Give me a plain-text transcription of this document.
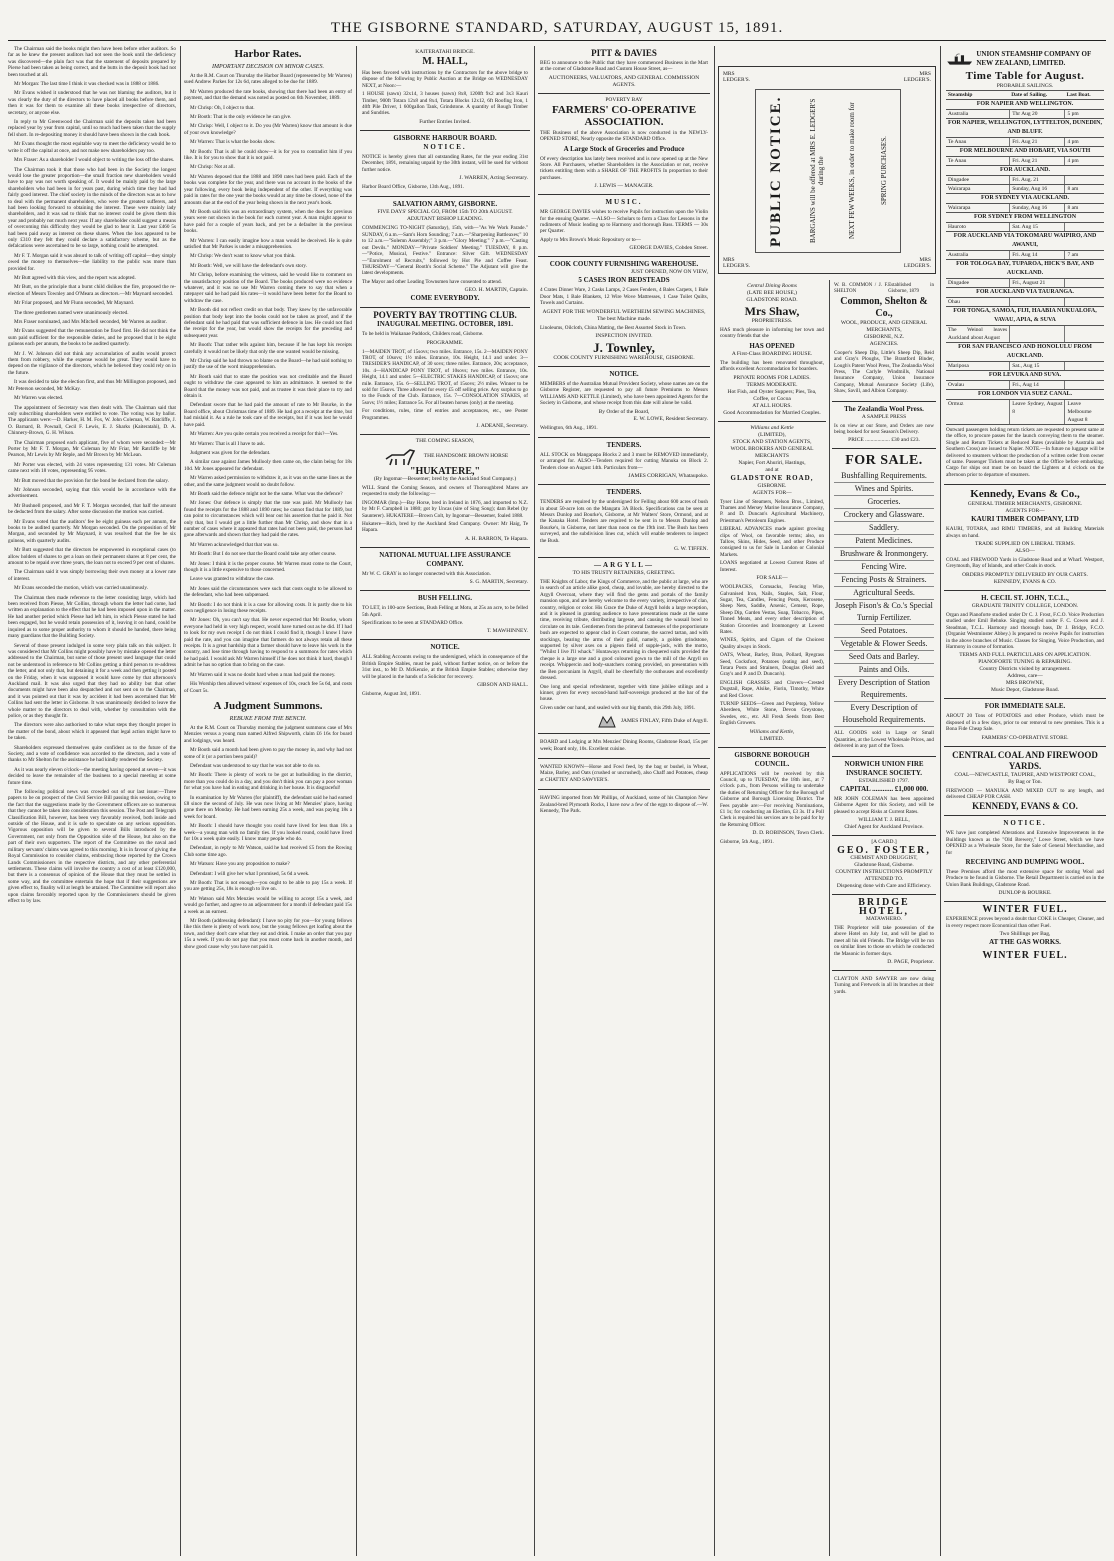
THE GISBORNE STANDARD, SATURDAY, AUGUST 15, 1891.

The Chairman said the books might then have been before other auditors. So far as he knew the present auditors had not seen the book until the deficiency was discovered—the plain fact was that the statement of deposits prepared by Pierse had been taken as being correct, and the butts in the deposit book had not been touched at all.

Mr Morgan: The last time I think it was checked was in 1888 or 1886.

Mr Evans wished it understood that he was not blaming the auditors, but it was clearly the duty of the directors to have placed all books before them, and then it was for them to examine all these books irrespective of directors, secretary, or anyone else.

In reply to Mr Greenwood the Chairman said the deposits taken had been replaced year by year from capital, until so much had been taken that the supply fell short. In re-depositing money it should have been shown in the cash book.

Mr Evans thought the most equitable way to meet the deficiency would be to write it off the capital at once, and not make new shareholders pay too.

Mrs Fraser: As a shareholder I would object to writing the loss off the shares.

The Chairman took it that those who had been in the Society the longest would lose the greater proportion—the small fraction new shareholders would have to pay was not worth speaking of. It would be mainly paid by the large shareholders who had been in for years past, during which time they had had fairly good interest. The chief society in the minds of the directors was as to how to deal with the permanent shareholders, who were the greatest sufferers, and had been looking forward to obtaining the interest. These were mainly lady shareholders, and it was sad to think that no interest could be given them this year and probably not much next year. If any shareholder could suggest a means of overcoming this difficulty they would be glad to hear it. Last year £460 5s had been paid away as interest on these shares. When the loss appeared to be only £310 they felt they could declare a satisfactory scheme, but as the defalcations were ascertained to be so large, nothing could be attempted.

Mr F. T. Morgan said it was absurd to talk of writing off capital—they simply owed the money to themselves—the liability to the public was more than provided for.

Mr Butt agreed with this view, and the report was adopted.

Mr Butt, on the principle that a burnt child dislikes the fire, proposed the re-election of Messrs Townley and O'Meara as directors.—Mr Maynard seconded.

Mr Friar proposed, and Mr Flunn seconded, Mr Maynard.

The three gentlemen named were unanimously elected.

Mrs Fraser nominated, and Mrs Mitchell seconded, Mr Warren as auditor.

Mr Evans suggested that the remuneration be fixed first. He did not think the sum paid sufficient for the responsible duties, and he proposed that it be eight guineas each per annum, the books to be audited quarterly.

Mr J. W. Johnson did not think any accumulation of audits would protect them from robbery, while the expense would be great. They would have to depend on the vigilance of the directors, which he believed they could rely on in the future.

It was decided to take the election first, and thus Mr Millington proposed, and Mr Peterson seconded, Mr McKay.

Mr Warren was elected.

The appointment of Secretary was then dealt with. The Chairman said that only subscribing shareholders were entitled to vote. The voting was by ballot. The applicants were:—D. Harker, H. M. Fox, W. John Coleman, W. Ratcliffe, J. O. Barnard, B. Pownall, Cecil F. Lewis, E. J. Sharks (Kaiteratahi), D. A. Chinnery-Brown, G. H. Wilson.

The Chairman proposed each applicant, five of whom were seconded:—Mr Porter by Mr F. T. Morgan, Mr Coleman by Mr Friar, Mr Ratcliffe by Mr Pearson, Mr Lewis by Mr Reple, and Mr Brown by Mr McLean.

Mr Porter was elected, with 24 votes representing 131 votes. Mr Coleman came next with 18 votes, representing 95 votes.

Mr Butt moved that the provision for the bond be declared from the salary.

Mr Johnson seconded, saying that this would be in accordance with the advertisement.

Mr Bushnell proposed, and Mr F. T. Morgan seconded, that half the amount be deducted from the salary. After some discussion the motion was carried.

Mr Evans voted that the auditors' fee be eight guineas each per annum, the books to be audited quarterly. Mr Morgan seconded. On the proposition of Mr Morgan, and seconded by Mr Maynard, it was resolved that the fee be six guineas, with quarterly audits.

Mr Butt suggested that the directors be empowered in exceptional cases (to allow holders of shares to get a loan on their permanent shares at 8 per cent, the amount to be repaid over three years, the loan not to exceed 9 per cent of shares.

The Chairman said it was simply borrowing their own money at a lower rate of interest.

Mr Evans seconded the motion, which was carried unanimously.

The Chairman then made reference to the letter consisting large, which had been received from Piesse, Mr Collins, through whom the letter had come, had written an explanation to the effect that he had been imposed upon in the matter. He had another period which Piesse had left him, in which Piesse stated he had been engaged, but he would retain possession of it, leaving it on hand, could be inquired as to some proper authority to whom it should be handed, there being many guardians that the Building Society.

Several of those present indulged in some very plain talk on this subject. It was considered that Mr Collins might possibly have by mistake opened the letter addressed to the Chairman, but some of those present used language that could not be understood in reference to Mr Collins getting a third person to re-address the letter, and not only that, but detaining it for a week and then getting it posted on the Friday, when it was supposed it would have come by that afternoon's Auckland mail. It was also urged that they had no ability but that other documents might have been also despatched and not sent on to the Chairman, and it was pointed out that it was by accident it had been ascertained that Mr Collins had sent the letter in Gisborne. It was unanimously decided to leave the whole matter to the directors to deal with, whether by consultation with the police, or as they thought fit.

The directors were also authorised to take what steps they thought proper in the matter of the bond, about which it appeared that legal action might have to be taken.

Shareholders expressed themselves quite confident as to the future of the Society, and a vote of confidence was accorded to the directors, and a vote of thanks to Mr Shelton for the assistance he had kindly rendered the Society.

As it was nearly eleven o'clock—the meeting having opened at seven—it was decided to leave the remainder of the business to a special meeting at some future time.

The following political news was crowded out of our last issue:—Three papers to be on prospect of the Civil Service Bill passing this session, owing to the fact that the suggestions made by the Government officers are so numerous that they cannot be taken into consideration this session. The Post and Telegraph Classification Bill, however, has been very favorably received, both inside and outside of the House, and it is safe to speculate on any serious opposition. Vigorous opposition will be given to several Bills introduced by the Government, not only from the Opposition side of the House, but also on the part of their own supporters. The report of the Committee on the naval and military servants' claims was agreed to this morning. It is in favour of giving the Royal Commission to consider claims, embracing those reported by the Crown Lands Commissioners in the respective districts, and any other preferential settlements. These claims will involve the country a cost of at least £120,000, but there is a consensus of opinion of the House that they must be settled in some way, and the committee entertain the hope that if their suggestions are given effect to, finality will at length be attained. The Committee will report also upon claims favorably reported upon by the Commissioners should be given effect to by law.

Harbor Rates.
IMPORTANT DECISION ON MINOR CASES.

At the R.M. Court on Thursday the Harbor Board (represented by Mr Warren) sued Andrew Parkes for 12s 6d, rates alleged to be due for 1889.

Mr Warren produced the rate books, showing that there had been an entry of payment, and that the demand was noted as posted on 6th November, 1889.

Mr Chrisp: Oh, I object to that.

Mr Booth: That is the only evidence he can give.

Mr Chrisp: Well, I object to it. Do you (Mr Warren) know that amount is due of your own knowledge?

Mr Warren: That is what the books show.

Mr Booth: That is all he could show—it is for you to contradict him if you like. It is for you to show that it is not paid.

Mr Chrisp: Not at all.

Mr Warren deposed that the 1888 and 1890 rates had been paid. Each of the books was complete for the year, and there was no account in the books of the year following, every book being independent of the other. If everything was paid in rates for the one year the books would at any time be closed, none of the amounts due at the end of the year being shown in the next year's book.

Mr Booth said this was an extraordinary system, when the dues for previous years were not shown in the book for each current year. A man might appear to have paid for a couple of years back, and yet be a defaulter in the previous books.

Mr Warren: I can easily imagine how a man would be deceived. He is quite satisfied that Mr Parkes is under a misapprehension.

Mr Chrisp: We don't want to know what you think.

Mr Booth: Well, we will have the defendant's own story.

Mr Chrisp, before examining the witness, said he would like to comment on the unsatisfactory position of the Board. The books produced were no evidence whatever, and it was no use Mr Warren coming there to say that when a ratepayer said he had paid his rates—it would have been better for the Board to withdraw the case.

Mr Booth did not reflect credit on that body. They knew by the unfavorable position that body kept into the books could not be taken as proof, and if the defendant said he had paid that was sufficient defence in law. He could not find the receipt for the year, but would show the receipts for the preceding and subsequent year.

Mr Booth: That rather tells against him, because if he has kept his receipts carefully it would not be likely that only the one wanted would be missing.

Mr Chrisp said he had thrown no blame on the Board—he had said nothing to justify the use of the word misapprehension.

Mr Booth said that to state the position was not creditable and the Board ought to withdraw the case appeared to him an admittance. It seemed to the Board that the money was not paid, and as trustee it was their place to try and obtain it.

Defendant swore that he had paid the amount of rate to Mr Bourke, in the Board office, about Christmas time of 1889. He had got a receipt at the time, but had mislaid it. As a rule he took care of the receipts, but if it was lost he would have paid.

Mr Warren: Are you quite certain you received a receipt for this?—Yes.

Mr Warren: That is all I have to ask.

Judgment was given for the defendant.

A similar case against James Mullooly then came on, the claim being for 18s 10d. Mr Jones appeared for defendant.

Mr Warren asked permission to withdraw it, as it was on the same lines as the other, and the same judgment would no doubt follow.

Mr Booth said the defence might not be the same. What was the defence?

Mr Jones: Our defence is simply that the rate was paid. Mr Mullooly has found the receipts for the 1888 and 1890 rates; he cannot find that for 1889, but can point to circumstances which will bear out his assertion that he paid it. Not only that, but I would get a little further than Mr Chrisp, and show that in a number of cases where it appeared that rates had not been paid, the persons had gone afterwards and shown that they had paid the rates.

Mr Warren acknowledged that that was so.

Mr Booth: But I do not see that the Board could take any other course.

Mr Jones: I think it is the proper course. Mr Warren must come to the Court, though it is a little expensive to those concerned.

Leave was granted to withdraw the case.

Mr Jones said the circumstances were such that costs ought to be allowed to the defendant, who had been subpœnaed.

Mr Booth: I do not think it is a case for allowing costs. It is partly due to his own negligence in losing these receipts.

Mr Jones: Oh, you can't say that. He never expected that Mr Bourke, whom everyone had held in very high respect, would have turned out as he did. If I had to look for my own receipt I do not think I could find it, though I know I have paid the rate, and you can imagine that farmers do not always retain all these receipts. It is a great hardship that a farmer should have to leave his work in the country, and lose time through having to respond to a summons for rates which he had paid. I would ask Mr Warren himself if he does not think it hard, though I admit he has no option than to bring on the case.

Mr Warren said it was no doubt hard when a man had paid the money.

His Worship then allowed witness' expenses of 10s, ceach fee 5s 6d, and costs of Court 5s.

A Judgment Summons.
REBUKE FROM THE BENCH.

At the R.M. Court on Thursday morning the judgment summons case of Mrs Menzies versus a young man named Alfred Shipworth, claim £6 16s for board and lodgings, was heard.

Mr Booth said a month had been given to pay the money in, and why had not some of it (or a portion been paid)?

Defendant was understood to say that he was not able to do so.

Mr Booth: There is plenty of work to be got at hutbuilding in the district, more than you could do in a day, and you don't think you can pay a poor woman for what you have had in eating and drinking in her house. It is disgraceful!

In examination by Mr Warren (for plaintiff), the defendant said he had earned £8 since the second of July. He was now living at Mr Menzies' place, having gone there on Monday. He had been earning 25s a week, and was paying 18s a week for board.

Mr Booth: I should have thought you could have lived for less than 18s a week—a young man with no family ties. If you looked round, could have lived for 10s a week quite easily. I know many people who do.

Defendant, in reply to Mr Watson, said he had received £5 from the Rowing Club some time ago.

Mr Watson: Have you any proposition to make?

Defendant: I will give her what I promised, 5s 6d a week.

Mr Booth: That is not enough—you ought to be able to pay 15s a week. If you are getting 25s, 18s is enough to live on.

Mr Watson said Mrs Menzies would be willing to accept 15s a week, and would go further, and agree to an adjournment for a month if defendant paid 15s a week as an earnest.

Mr Booth (addressing defendant): I have no pity for you—for young fellows like this there is plenty of work now, but the young fellows get loafing about the town, and they don't care what they eat and drink. I make an order that you pay 15s a week. If you do not pay that you must come back in another month, and show good cause why you have not paid it.

KAITERATAHI BRIDGE.
M. HALL,
Has been favored with instructions by the Contractors for the above bridge to dispose of the following by Public Auction at the Bridge on WEDNESDAY NEXT, at Noon:—
1 HOUSE (sawn) 32x14, 3 houses (sawn) 8x8, 1200ft 9x2 and 3x3 Kauri Timber, 900ft Totara 12x8 and 8x4, Totara Blocks 12x12, 6ft Roofing Iron, 1 40ft Pile Driver, 1 600gallon Tank, Grindstone. A quantity of Rough Timber and Sundries.
Further Entries Invited.
GISBORNE HARBOUR BOARD.
NOTICE.
NOTICE is hereby given that all outstanding Rates, for the year ending 31st December, 1891, remaining unpaid by the 30th instant, will be sued for without further notice.
J. WARREN, Acting Secretary.
Harbor Board Office, Gisborne, 13th Aug., 1891.
SALVATION ARMY, GISBORNE.
FIVE DAYS' SPECIAL GO, FROM 15th TO 20th AUGUST.
ADJUTANT BISHOP LEADING.
COMMENCING TO-NIGHT (Saturday), 15th, with—"As We Work Parade." SUNDAY, 6 a.m.—Sam's Horn Sounding; 7 a.m.—"Sharpening Battleaxes;" 10 to 12 a.m.—"Solemn Assembly;" 3 p.m.—"Glory Meeting;" 7 p.m.—"Casting out Devils." MONDAY—"Private Soldiers' Meeting." TUESDAY, 8 p.m.—"Potice, Musical, Festive." Entrance: Silver Gift. WEDNESDAY—"Enrolment of Recruits," followed by Hot Pie and Coffee Feast. THURSDAY—"General Booth's Social Scheme." The Adjutant will give the latest developments.
The Mayor and other Leading Townsmen have consented to attend.
GEO. H. MARTIN, Captain.
COME EVERYBODY.
POVERTY BAY TROTTING CLUB.
INAUGURAL MEETING. OCTOBER, 1891.
To be held in Waikanae Paddock, Childers road, Gisborne.
PROGRAMME.
1—MAIDEN TROT, of 15sovs; two miles. Entrance, 15s. 2—MAIDEN PONY TROT, of 10sovs; 1½ miles. Entrance, 10s. Height, 14.1 and under. 3—TRESIDER'S HANDICAP, of 30 sovs; three miles. Entrance, 20s; acceptance, 10s. 4—HANDICAP PONY TROT, of 10sovs; two miles. Entrance, 10s. Height, 14.1 and under. 5—ELECTRIC STAKES HANDICAP, of 15sovs; one mile. Entrance, 15s. 6—SELLING TROT, of 15sovs; 2½ miles. Winner to be sold for 15sovs. Three allowed for every £5 off selling price. Any surplus to go to the Funds of the Club. Entrance, 15s. 7—CONSOLATION STAKES, of 5sovs; 1½ miles; Entrance 5s. For all beaten horses (only) at the meeting.
For conditions, rules, time of entries and acceptances, etc., see Poster Programmes.
J. ADEANE, Secretary.
THE COMING SEASON,
THE HANDSOME BROWN HORSE
"HUKATERE,"
(By Ingomar—Bessemer; bred by the Auckland Stud Company.)
WILL Stand the Coming Season, and owners of Thoroughbred Mares are requested to study the following:—
INGOMAR (Imp.)—Bay Horse, bred in Ireland in 1876, and imported to N.Z. by Mr F. Campbell in 1880; got by Uncas (sire of Sing Song); dam Rebel (by Saunterer). HUKATERE—Brown Colt, by Ingomar—Bessemer, foaled 1888.
Hukatere—Rich, bred by the Auckland Stud Company. Owner: Mr Haig, Te Hapara.
A. H. BARRON, Te Hapara.
NATIONAL MUTUAL LIFE ASSURANCE COMPANY.
Mr W. C. GRAY is no longer connected with this Association.
S. G. MARTIN, Secretary.
BUSH FELLING.
TO LET, in 100-acre Sections, Bush Felling at Motu, at 25s an acre, to be felled 5th April.
Specifications to be seen at STANDARD Office.
T. MAWHINNEY.
NOTICE.
ALL Stabling Accounts owing to the undersigned, which in consequence of the British Empire Stables, must be paid, without further notice, on or before the 31st inst., to Mr D. McKenzie, at the British Empire Stables; otherwise they will be placed in the hands of a Solicitor for recovery.
GIBSON AND HALL.
Gisborne, August 3rd, 1891.
PITT & DAVIES
BEG to announce to the Public that they have commenced Business in the Mart at the corner of Gladstone Road and Custom House Street, as—
AUCTIONEERS, VALUATORS, AND GENERAL COMMISSION AGENTS.
POVERTY BAY
FARMERS' CO-OPERATIVE ASSOCIATION.
THE Business of the above Association is now conducted in the NEWLY-OPENED STORE, Nearly opposite the STANDARD Office.
A Large Stock of Groceries and Produce
Of every description has lately been received and is now opened up at the New Store. All Purchasers, whether Shareholders in the Association or not, receive tickets entitling them with a SHARE OF THE PROFITS In proportion to their purchases.
J. LEWIS — MANAGER.
MUSIC.
MR GEORGE DAVIES wishes to receive Pupils for instruction upon the Violin for the ensuing Quarter. —ALSO— Scholars to form a Class for Lessons in the rudiments of Music leading up to Harmony and thorough Bass. TERMS — 30s per Quarter.
Apply to Mrs Brown's Music Repository or to—
GEORGE DAVIES, Cobden Street.
COOK COUNTY FURNISHING WAREHOUSE.
JUST OPENED, NOW ON VIEW,
5 CASES IRON BEDSTEADS
4 Crates Dinner Ware, 2 Casks Lamps, 2 Cases Fenders, 4 Bales Carpets, 1 Bale Door Mats, 1 Bale Blankets, 12 Wire Wove Mattresses, 1 Case Toilet Quilts, Towels and Curtains.
AGENT FOR THE WONDERFUL WERTHEIM SEWING MACHINES, The best Machine made.
Linoleums, Oilcloth, China Matting, the Best Assorted Stock in Town.
INSPECTION INVITED.
J. Townley,
COOK COUNTY FURNISHING WAREHOUSE, GISBORNE.
NOTICE.
MEMBERS of the Australian Mutual Provident Society, whose names are on the Gisborne Register, are requested to pay all future Premiums to Messrs WILLIAMS AND KETTLE (Limited), who have been appointed Agents for the Society in Gisborne, and whose receipt from this date will alone be valid.
By Order of the Board,
E. W. LOWE, Resident Secretary.
Wellington, 6th Aug., 1891.
TENDERS.
ALL STOCK on Mangapapa Blocks 2 and 3 must be REMOVED immediately, or arranged for. ALSO—Tenders required for cutting Manuka on Block 2. Tenders close on August 14th. Particulars from—
JAMES CORRIGAN, Whataupoko.
TENDERS.
TENDERS are required by the undersigned for Felling about 600 acres of bush in about 50-acre lots on the Mangatu 3A Block. Specifications can be seen at Messrs Dunlop and Bourke's, Gisborne, at Mr Walters' Store, Ormond, and at the Kanaka Hotel. Tenders are required to be sent in to Messrs Dunlop and Bourke's, in Gisborne, not later than noon on the 19th inst. The Bush has been surveyed, and the subdivision lines cut, which will enable tenderers to inspect the Bush.
G. W. TIFFEN.
—ARGYLL—
TO HIS TRUSTY RETAINERS, GREETING.
THE Knights of Labor, the Kings of Commerce, and the public at large, who are in search of an article alike good, cheap, and lovable, are hereby directed to the Argyll Overcoat, where they will find the gems and portals of the family mansion upon, and are hereby welcome to the every variety, irrespective of clan, country, religion or color. His Grace the Duke of Argyll holds a large reception, and it is pleased in granting audience to have presentations made at the same time, receiving tribute, distributing largesse, and causing the wassail bowl to circulate on its tale. Gentlemen from the primeval fastnesses of the proportionate bush are expected to appear clad in Court costume, the sacred tartan, and with stockings, bearing the arms of their guild, namely, a golden grindstone, supported by silver axes on a pigeon field of supple-jack, with the motto, "Whilst I live I'll whack." Huntaways returning in chequered suits provided the cheque is a large one and a good coloured gown to the mill of the Argyll on receipt. Whippercin and body-snatchers coming provided, on presentation with the Ben porcuniam in Argyll, shall be cheerfully the outhouses and excellently dressed.
One long and special refreshment, together with time jubilee stilings and a kinner, given for every second-hand half-sovereign produced at the bar of the house.
Given under our hand, and sealed with our big thumb, this 29th July, 1891.
JAMES FINLAY, Fifth Duke of Argyll.
BOARD and Lodging at Mrs Menzies' Dining Rooms, Gladstone Road, 15s per week; Board only, 10s. Excellent cuisine.
WANTED KNOWN—Horse and Fowl feed, by the bag or bushel, in Wheat, Maize, Barley, and Oats (crushed or uncrushed), also Chaff and Potatoes, cheap at CHATTEY AND SAWYER'S.
HAVING imported from Mr Phillips, of Auckland, some of his Champion New Zealand-bred Plymouth Rocks, I have now a few of the eggs to dispose of.—W. Kennedy, The Park.
MRS LEDGER'S.
MRS LEDGER'S.
MRS LEDGER'S.
MRS LEDGER'S.
PUBLIC NOTICE.	BARGAINS will be offered at MRS E. LEDGER'S during the	NEXT FEW WEEKS, in order to make room for	SPRING PURCHASES.
Central Dining Rooms
(LATE BEE HOUSE,)
GLADSTONE ROAD.
Mrs Shaw,
PROPRIETRESS.
HAS much pleasure in informing her town and country friends that she
HAS OPENED
A First-Class BOARDING HOUSE.
The building has been renovated throughout, affords excellent Accommodation for boarders.
PRIVATE ROOMS FOR LADIES.
TERMS MODERATE.
Hot Fish, and Oyster Suppers; Pies, Tea, Coffee, or Cocoa
AT ALL HOURS.
Good Accommodation for Married Couples.
Williams and Kettle
(LIMITED),
STOCK AND STATION AGENTS,
WOOL BROKERS AND GENERAL MERCHANTS
Napier, Fort Ahuriri, Hastings,
and at
GLADSTONE ROAD,
GISBORNE.
AGENTS FOR—
Tyser Line of Steamers, Nelson Bros., Limited, Thames and Mersey Marine Insurance Company, P. and D. Duncan's Agricultural Machinery, Priestman's Petroleum Engines.
LIBERAL ADVANCES made against growing clips of Wool, on favorable terms; also, on Tallow, Skins, Hides, Seed, and other Produce consigned to us for Sale in London or Colonial Markets.
LOANS negotiated at Lowest Current Rates of Interest.
FOR SALE—
WOOLPACKS, Cornsacks, Fencing Wire, Galvanised Iron, Nails, Staples, Salt, Flour, Sugar, Tea, Candles, Fencing Posts, Kerosene, Sheep Nets, Saddle, Arsenic, Cement, Rope, Sheep Dip, Garden Vestas, Soap, Tobacco, Pipes, Tinned Meats, and every other description of Station Groceries and Ironmongery at Lowest Rates.
WINES, Spirits, and Cigars of the Choicest Quality always in Stock.
OATS, Wheat, Barley, Bran, Pollard, Ryegrass Seed, Cocksfoot, Potatoes (eating and seed), Totara Posts and Strainers, Douglas (Reid and Gray's and P. and D. Duncan's).
ENGLISH GRASSES and Clovers—Crested Dogstail, Rape, Alsike, Fiorin, Timothy, White and Red Clover.
TURNIP SEEDS—Green and Purpletop, Yellow Aberdeen, White Stone, Devon Greystone, Swedes, etc., etc. All Fresh Seeds from Best English Growers.
Williams and Kettle,
LIMITED.
GISBORNE BOROUGH COUNCIL.
APPLICATIONS will be received by this Council, up to TUESDAY, the 18th inst., at 7 o'clock p.m., from Persons willing to undertake the duties of Returning Officer for the Borough of Gisborne and Borough Licensing District. The Fees payable are:—For receiving Nominations, £1 1s; for conducting an Election, £3 3s. If a Poll Clerk is required his services are to be paid for by the Returning Officer.
D. D. ROBINSON, Town Clerk.
Gisborne, 5th Aug., 1891.
W. B. COMMON / J. F. SHELTON
Established in Gisborne, 1879
Common, Shelton & Co.,
WOOL, PRODUCE, AND GENERAL MERCHANTS,
GISBORNE, N.Z.
AGENCIES.
Cooper's Sheep Dip, Little's Sheep Dip, Reid and Gray's Ploughs, The Brantford Binder, Lough's Patent Wool Press, The Zealandia Wool Press, The Carlyle Windmills, National Insurance Company, Union Insurance Company, Mutual Assurance Society (Life), Shaw, Savill, and Albion Company.
The Zealandia Wool Press.
A SAMPLE PRESS
Is on view at our Store, and Orders are now being booked for next Season's Delivery.
PRICE .................. £30 and £23.
FOR SALE.
Bushfalling Requirements.
Wines and Spirits.
Groceries.
Crockery and Glassware.
Saddlery.
Patent Medicines.
Brushware & Ironmongery.
Fencing Wire.
Fencing Posts & Strainers.
Agricultural Seeds.
Joseph Fison's & Co.'s Special Turnip Fertilizer.
Seed Potatoes.
Vegetable & Flower Seeds.
Seed Oats and Barley.
Paints and Oils.
Every Description of Station Requirements.
Every Description of Household Requirements.
ALL GOODS sold in Large or Small Quantities, at the Lowest Wholesale Prices, and delivered in any part of the Town.
NORWICH UNION FIRE INSURANCE SOCIETY.
ESTABLISHED 1797.
CAPITAL ............ £1,000 000.
MR JOHN COLEMAN has been appointed Gisborne Agent for this Society, and will be pleased to accept Risks at Current Rates.
WILLIAM T. J. BELL,
Chief Agent for Auckland Province.
[A CARD.]
GEO. FOSTER,
CHEMIST AND DRUGGIST,
Gladstone Road, Gisborne.
COUNTRY INSTRUCTIONS PROMPTLY ATTENDED TO.
Dispensing done with Care and Efficiency.
BRIDGE HOTEL,
MATAWHERO.
THE Proprietor will take possession of the above Hotel on July 1st, and will be glad to meet all his old Friends. The Bridge will be run on similar lines to those on which he conducted the Masonic in former days.
D. PAGE, Proprietor.
CLAYTON AND SAWYER are now doing Turning and Fretwork in all its branches at their yards.
UNION STEAMSHIP COMPANY OF NEW ZEALAND, LIMITED.
Time Table for August.
PROBABLE SAILINGS.
Steamship	Date of Sailing.	Last Boat.
FOR NAPIER AND WELLINGTON.
Australia	Thr Aug 20	5 pm
FOR NAPIER, WELLINGTON, LYTTELTON, DUNEDIN, AND BLUFF.
Te Anau	Fri. Aug 21	4 pm
FOR MELBOURNE AND HOBART, VIA SOUTH
Te Anau	Fri. Aug 21	4 pm
FOR AUCKLAND.
Dingadee	Fri. Aug. 21
Wairarapa	Sunday, Aug 16	8 am
FOR SYDNEY VIA AUCKLAND.
Wairarapa	Sunday, Aug 16	8 am
FOR SYDNEY FROM WELLINGTON
Hauroto	Sat. Aug 15
FOR AUCKLAND VIA TOKOMARU WAIPIRO, AND AWANUI,
Australia	Fri. Aug 14	7 am
FOR TOLOGA BAY, TUPAROA, HICK'S BAY, AND AUCKLAND.
Dingadee	Fri., August 21
FOR AUCKLAND VIA TAURANGA.
Ohau
FOR TONGA, SAMOA, FIJI, HAABIA NUKUALOFA, VAVAU, APIA, & SUVA
The Weinol leaves Auckland about August
FOR SAN FRANCISCO AND HONOLULU FROM AUCKLAND.
Mariposa	Sat., Aug 15
FOR LEVUKA AND SUVA.
Ovalau	Fri., Aug 14
FOR LONDON VIA SUEZ CANAL.
Ormuz	Leave Sydney, August 8
Leave Melbourne August 8
Outward passengers holding return tickets are requested to present same at the office, to procure passes for the launch conveying them to the steamer. Single and Return Tickets at Reduced Rates (available by Australia and Southern Cross) are issued to Napier. NOTE.—In future no luggage will be delivered to steamers without the production of a written order from owner of same. Passenger Tickets must be taken at the Office before embarking. Cargo for ships out must be on board the Lighters at 4 o'clock on the afternoon prior to departure of steamers.
Kennedy, Evans & Co.,
GENERAL TIMBER MERCHANTS, GISBORNE.
AGENTS FOR—
KAURI TIMBER COMPANY, LTD
KAURI, TOTARA, and RIMU TIMBERS, and all Building Materials always on hand.
TRADE SUPPLIED ON LIBERAL TERMS.
ALSO—
COAL and FIREWOOD Yards in Gladstone Road and at Wharf. Westport, Greymouth, Bay of Islands, and other Coals in stock.
ORDERS PROMPTLY DELIVERED BY OUR CARTS.
KENNEDY, EVANS & CO.
H. CECIL ST. JOHN, T.C.L.,
GRADUATE TRINITY COLLEGE, LONDON.
Organ and Pianoforte studied under Dr C. J. Frost, F.C.O. Voice Production studied under Emil Behnke. Singing studied under F. C. Cowen and J. Steadman, T.C.L. Harmony and thorough bass, Dr J. Bridge, F.C.O. (Organist Westminster Abbey.) Is prepared to receive Pupils for instruction in the above branches of Music. Classes for Singing, Voice Production, and Harmony in course of formation.
TERMS AND FULL PARTICULARS ON APPLICATION.
PIANOFORTE TUNING & REPAIRING.
Country Districts visited by arrangement.
Address, care—
MRS BROWNE,
Music Depot, Gladstone Road.
FOR IMMEDIATE SALE.
ABOUT 20 Tons of POTATOES and other Produce, which must be disposed of in a few days, prior to our removal to new premises. This is a Bona Fide Cheap Sale.
FARMERS' CO-OPERATIVE STORE.
CENTRAL COAL AND FIREWOOD YARDS.
COAL—NEWCASTLE, TAUPIRE, AND WESTPORT COAL,
By Bag or Ton.
FIREWOOD — MANUKA AND MIXED CUT to any length, and delivered CHEAP FOR CASH.
KENNEDY, EVANS & CO.
NOTICE.
WE have just completed Alterations and Extensive Improvements in the Buildings known as the "Old Brewery," Lowe Street, which we have OPENED as a Wholesale Store, for the Sale of General Merchandise, and for
RECEIVING AND DUMPING WOOL.
These Premises afford the most extensive space for storing Wool and Produce to be found in Gisborne. The Retail Department is carried on in the Union Bank Buildings, Gladstone Road.
DUNLOP & BOURKE.
WINTER FUEL.
EXPERIENCE proves beyond a doubt that COKE is Cheaper, Cleaner, and in every respect more Economical than other Fuel.
Two Shillings per Bag,
AT THE GAS WORKS.
WINTER FUEL.
